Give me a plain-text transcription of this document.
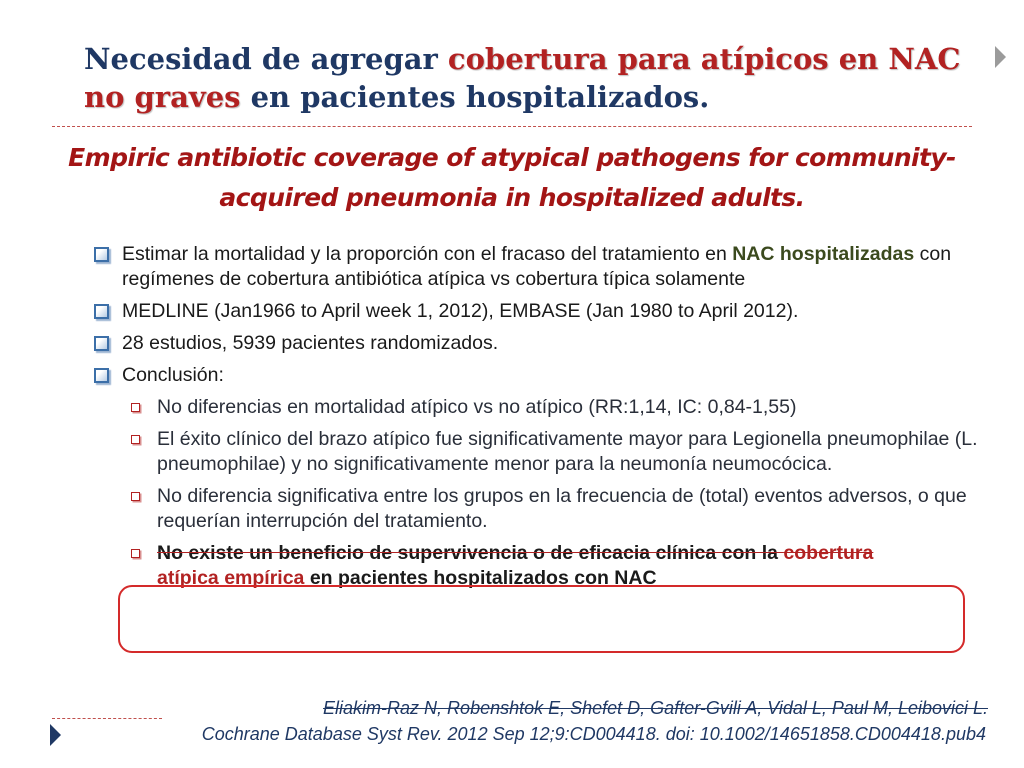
Necesidad de agregar cobertura para atípicos en NAC no graves en pacientes hospitalizados.
Empiric antibiotic coverage of atypical pathogens for community-
acquired pneumonia in hospitalized adults.
Estimar la mortalidad y la proporción con el fracaso del tratamiento en NAC hospitalizadas con regímenes de cobertura antibiótica atípica vs cobertura típica solamente
MEDLINE (Jan1966 to April week 1, 2012), EMBASE (Jan 1980 to April 2012).
28 estudios, 5939 pacientes randomizados.
Conclusión:
No diferencias en mortalidad atípico vs no atípico (RR:1,14, IC: 0,84-1,55)
El éxito clínico del brazo atípico fue significativamente mayor para Legionella pneumophilae (L. pneumophilae) y no significativamente menor para la neumonía neumocócica.
No diferencia significativa entre los grupos en la frecuencia de (total) eventos adversos, o que requerían interrupción del tratamiento.
No existe un beneficio de supervivencia o de eficacia clínica con la cobertura
atípica empírica en pacientes hospitalizados con NAC
Eliakim-Raz N, Robenshtok E, Shefet D, Gafter-Gvili A, Vidal L, Paul M, Leibovici L.
Cochrane Database Syst Rev. 2012 Sep 12;9:CD004418. doi: 10.1002/14651858.CD004418.pub4
